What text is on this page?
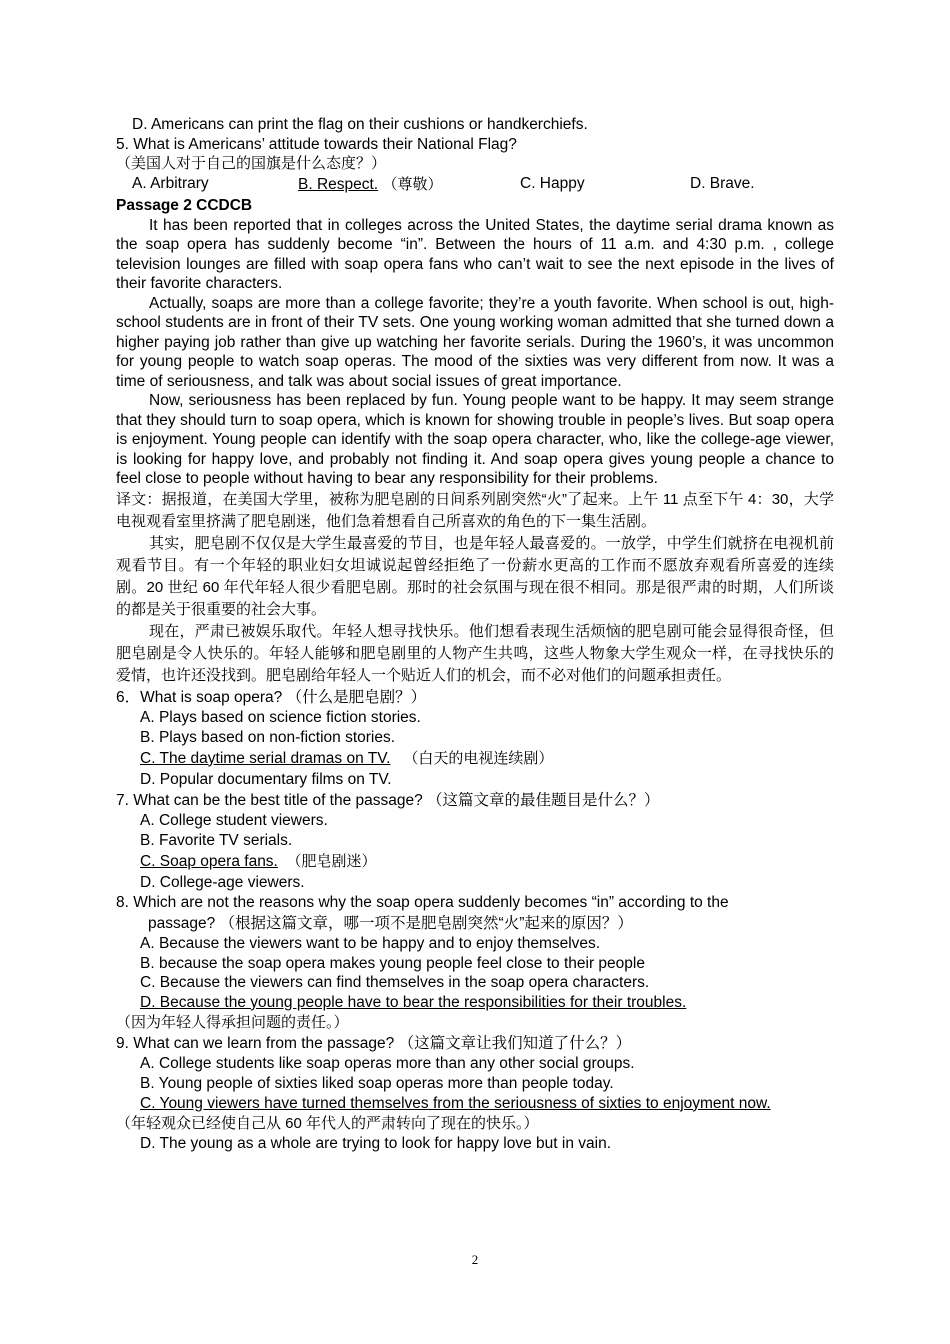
D. Americans can print the flag on their cushions or handkerchiefs.
5. What is Americans’ attitude towards their National Flag?
（美国人对于自己的国旗是什么态度？）
A. Arbitrary	B. Respect. （尊敬）	C. Happy	D. Brave.
Passage 2 CCDCB

It has been reported that in colleges across the United States, the daytime serial drama known as the soap opera has suddenly become “in”. Between the hours of 11 a.m. and 4:30 p.m. , college television lounges are filled with soap opera fans who can’t wait to see the next episode in the lives of their favorite characters.

Actually, soaps are more than a college favorite; they’re a youth favorite. When school is out, high-school students are in front of their TV sets. One young working woman admitted that she turned down a higher paying job rather than give up watching her favorite serials. During the 1960’s, it was uncommon for young people to watch soap operas. The mood of the sixties was very different from now. It was a time of seriousness, and talk was about social issues of great importance.

Now, seriousness has been replaced by fun. Young people want to be happy. It may seem strange that they should turn to soap opera, which is known for showing trouble in people’s lives. But soap opera is enjoyment. Young people can identify with the soap opera character, who, like the college-age viewer, is looking for happy love, and probably not finding it. And soap opera gives young people a chance to feel close to people without having to bear any responsibility for their problems.

译文：据报道，在美国大学里，被称为肥皂剧的日间系列剧突然“火”了起来。上午 11 点至下午 4：30，大学电视观看室里挤满了肥皂剧迷，他们急着想看自己所喜欢的角色的下一集生活剧。

其实，肥皂剧不仅仅是大学生最喜爱的节目，也是年轻人最喜爱的。一放学，中学生们就挤在电视机前观看节目。有一个年轻的职业妇女坦诚说起曾经拒绝了一份薪水更高的工作而不愿放弃观看所喜爱的连续剧。20 世纪 60 年代年轻人很少看肥皂剧。那时的社会氛围与现在很不相同。那是很严肃的时期，人们所谈的都是关于很重要的社会大事。

现在，严肃已被娱乐取代。年轻人想寻找快乐。他们想看表现生活烦恼的肥皂剧可能会显得很奇怪，但肥皂剧是令人快乐的。年轻人能够和肥皂剧里的人物产生共鸣，这些人物象大学生观众一样，在寻找快乐的爱情，也许还没找到。肥皂剧给年轻人一个贴近人们的机会，而不必对他们的问题承担责任。

6．What is soap opera? （什么是肥皂剧？）
A. Plays based on science fiction stories.
B. Plays based on non-fiction stories.
C. The daytime serial dramas on TV. （白天的电视连续剧）
D. Popular documentary films on TV.
7. What can be the best title of the passage? （这篇文章的最佳题目是什么？）
A. College student viewers.
B. Favorite TV serials.
C. Soap opera fans. （肥皂剧迷）
D. College-age viewers.
8. Which are not the reasons why the soap opera suddenly becomes “in” according to the
passage? （根据这篇文章，哪一项不是肥皂剧突然“火”起来的原因？）
A. Because the viewers want to be happy and to enjoy themselves.
B. because the soap opera makes young people feel close to their people
C. Because the viewers can find themselves in the soap opera characters.
D. Because the young people have to bear the responsibilities for their troubles.
（因为年轻人得承担问题的责任。）
9. What can we learn from the passage? （这篇文章让我们知道了什么？）
A. College students like soap operas more than any other social groups.
B. Young people of sixties liked soap operas more than people today.
C. Young viewers have turned themselves from the seriousness of sixties to enjoyment now.
（年轻观众已经使自己从 60 年代人的严肃转向了现在的快乐。）
D. The young as a whole are trying to look for happy love but in vain.
2
